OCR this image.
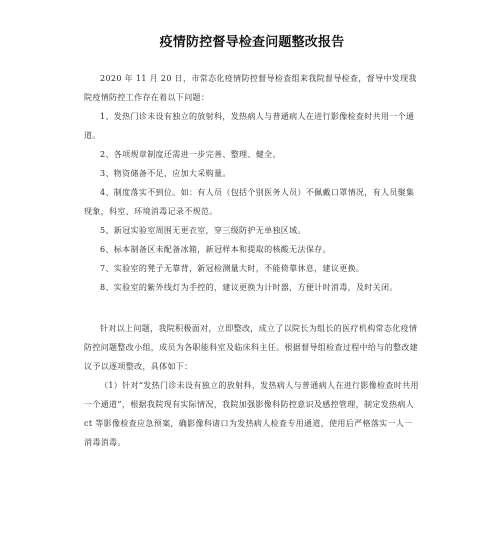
疫情防控督导检查问题整改报告

2020 年 11 月 20 日，市常态化疫情防控督导检查组来我院督导检查，督导中发现我院疫情防控工作存在着以下问题：

1、发热门诊未设有独立的放射科，发热病人与普通病人在进行影像检查时共用一个通道。

2、各项规章制度还需进一步完善、整理、健全。

3、物资储备不足，应加大采购量。

4、制度落实不到位。如：有人员（包括个别医务人员）不佩戴口罩情况，有人员聚集现象，科室、环境消毒记录不规范。

5、新冠实验室周围无更衣室，穿三级防护无单独区域。

6、标本制备区未配备冰箱，新冠样本和提取的核酸无法保存。

7、实验室的凳子无靠背，新冠检测量大时，不能倚靠休息，建议更换。

8、实验室的紫外线灯为手控的，建议更换为计时器，方便计时消毒，及时关闭。

针对以上问题，我院积极面对，立即整改，成立了以院长为组长的医疗机构常态化疫情防控问题整改小组，成员为各职能科室及临床科主任。根据督导组检查过程中给与的整改建议予以逐项整改，具体如下：

（1）针对“发热门诊未设有独立的放射科，发热病人与普通病人在进行影像检查时共用一个通道”，根据我院现有实际情况，我院加强影像科防控意识及感控管理，制定发热病人 ct 等影像检查应急预案，确影像科诸口为发热病人检查专用通道，使用后严格落实一人一消毒消毒。
